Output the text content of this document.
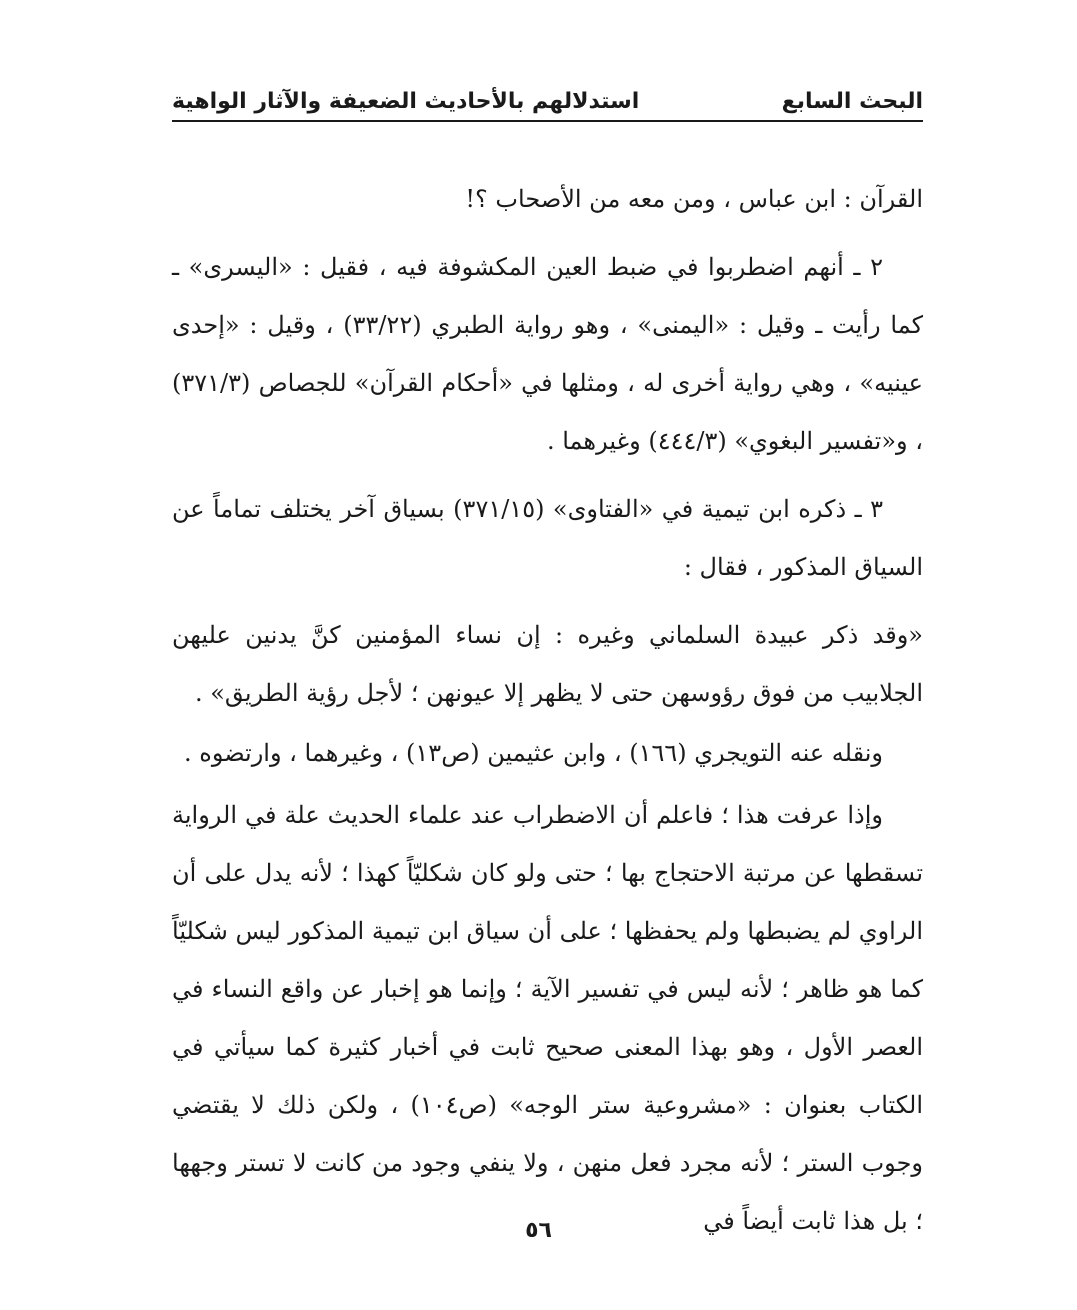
البحث السابع
استدلالهم بالأحاديث الضعيفة والآثار الواهية

القرآن : ابن عباس ، ومن معه من الأصحاب ؟!

٢ ـ أنهم اضطربوا في ضبط العين المكشوفة فيه ، فقيل : «اليسرى» ـ كما رأيت ـ وقيل : «اليمنى» ، وهو رواية الطبري (٣٣/٢٢) ، وقيل : «إحدى عينيه» ، وهي رواية أخرى له ، ومثلها في «أحكام القرآن» للجصاص (٣٧١/٣) ، و«تفسير البغوي» (٤٤٤/٣) وغيرهما .

٣ ـ ذكره ابن تيمية في «الفتاوى» (٣٧١/١٥) بسياق آخر يختلف تماماً عن السياق المذكور ، فقال :

«وقد ذكر عبيدة السلماني وغيره : إن نساء المؤمنين كنَّ يدنين عليهن الجلابيب من فوق رؤوسهن حتى لا يظهر إلا عيونهن ؛ لأجل رؤية الطريق» .

ونقله عنه التويجري (١٦٦) ، وابن عثيمين (ص١٣) ، وغيرهما ، وارتضوه .

وإذا عرفت هذا ؛ فاعلم أن الاضطراب عند علماء الحديث علة في الرواية تسقطها عن مرتبة الاحتجاج بها ؛ حتى ولو كان شكليّاً كهذا ؛ لأنه يدل على أن الراوي لم يضبطها ولم يحفظها ؛ على أن سياق ابن تيمية المذكور ليس شكليّاً كما هو ظاهر ؛ لأنه ليس في تفسير الآية ؛ وإنما هو إخبار عن واقع النساء في العصر الأول ، وهو بهذا المعنى صحيح ثابت في أخبار كثيرة كما سيأتي في الكتاب بعنوان : «مشروعية ستر الوجه» (ص١٠٤) ، ولكن ذلك لا يقتضي وجوب الستر ؛ لأنه مجرد فعل منهن ، ولا ينفي وجود من كانت لا تستر وجهها ؛ بل هذا ثابت أيضاً في

٥٦
